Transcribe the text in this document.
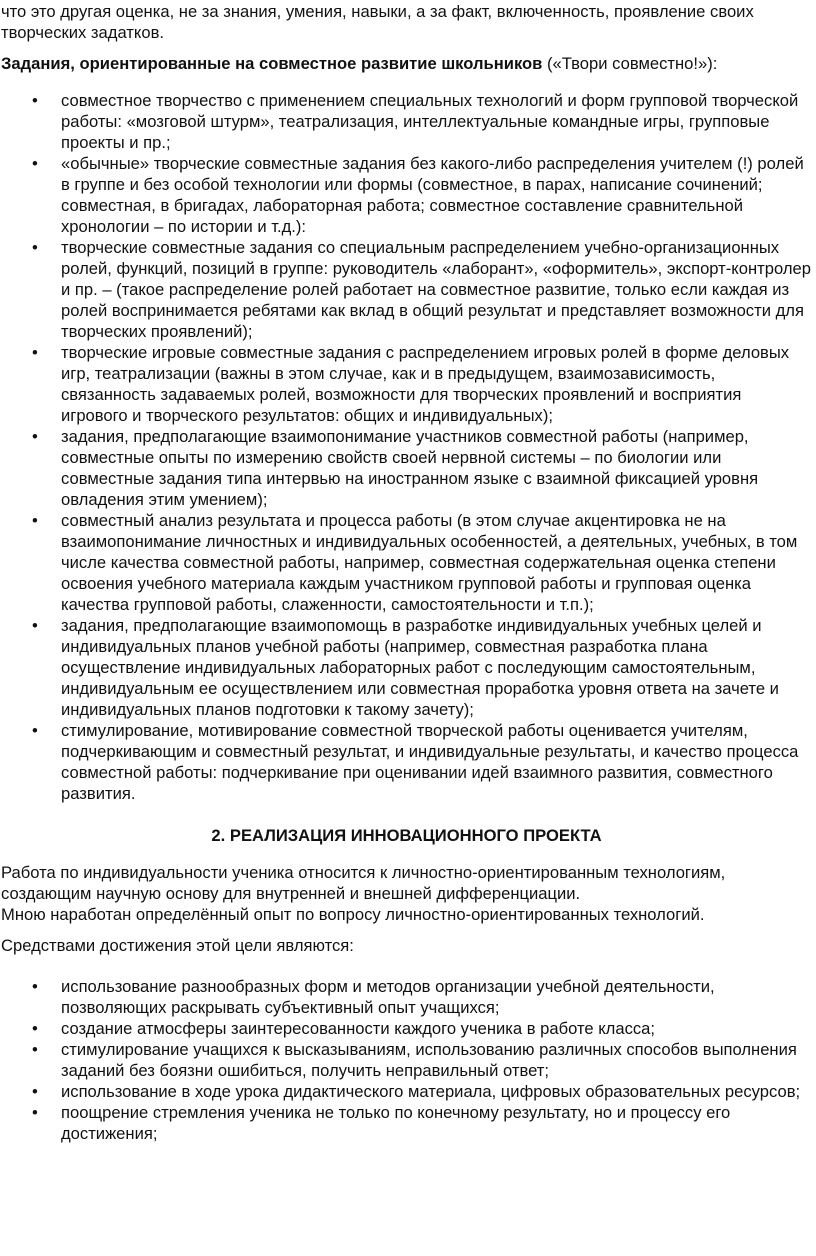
что это другая оценка, не за знания, умения, навыки, а за факт, включенность, проявление своих творческих задатков.

Задания, ориентированные на совместное развитие школьников («Твори совместно!»):

• совместное творчество с применением специальных технологий и форм групповой творческой работы: «мозговой штурм», театрализация, интеллектуальные командные игры, групповые проекты и пр.;
• «обычные» творческие совместные задания без какого-либо распределения учителем (!) ролей в группе и без особой технологии или формы (совместное, в парах, написание сочинений; совместная, в бригадах, лабораторная работа; совместное составление сравнительной хронологии – по истории и т.д.):
• творческие совместные задания со специальным распределением учебно-организационных ролей, функций, позиций в группе: руководитель «лаборант», «оформитель», экспорт-контролер и пр. – (такое распределение ролей работает на совместное развитие, только если каждая из ролей воспринимается ребятами как вклад в общий результат и представляет возможности для творческих проявлений);
• творческие игровые совместные задания с распределением игровых ролей в форме деловых игр, театрализации (важны в этом случае, как и в предыдущем, взаимозависимость, связанность задаваемых ролей, возможности для творческих проявлений и восприятия игрового и творческого результатов: общих и индивидуальных);
• задания, предполагающие взаимопонимание участников совместной работы (например, совместные опыты по измерению свойств своей нервной системы – по биологии или совместные задания типа интервью на иностранном языке с взаимной фиксацией уровня овладения этим умением);
• совместный анализ результата и процесса работы (в этом случае акцентировка не на взаимопонимание личностных и индивидуальных особенностей, а деятельных, учебных, в том числе качества совместной работы, например, совместная содержательная оценка степени освоения учебного материала каждым участником групповой работы и групповая оценка качества групповой работы, слаженности, самостоятельности и т.п.);
• задания, предполагающие взаимопомощь в разработке индивидуальных учебных целей и индивидуальных планов учебной работы (например, совместная разработка плана осуществление индивидуальных лабораторных работ с последующим самостоятельным, индивидуальным ее осуществлением или совместная проработка уровня ответа на зачете и индивидуальных планов подготовки к такому зачету);
• стимулирование, мотивирование совместной творческой работы оценивается учителям, подчеркивающим и совместный результат, и индивидуальные результаты, и качество процесса совместной работы: подчеркивание при оценивании идей взаимного развития, совместного развития.

2. РЕАЛИЗАЦИЯ ИННОВАЦИОННОГО ПРОЕКТА

Работа по индивидуальности ученика относится к личностно-ориентированным технологиям, создающим научную основу для внутренней и внешней дифференциации.

Мною наработан определённый опыт по вопросу личностно-ориентированных технологий.

Средствами достижения этой цели являются:

• использование разнообразных форм и методов организации учебной деятельности, позволяющих раскрывать субъективный опыт учащихся;
• создание атмосферы заинтересованности каждого ученика в работе класса;
• стимулирование учащихся к высказываниям, использованию различных способов выполнения заданий без боязни ошибиться, получить неправильный ответ;
• использование в ходе урока дидактического материала, цифровых образовательных ресурсов;
• поощрение стремления ученика не только по конечному результату, но и процессу его достижения;
